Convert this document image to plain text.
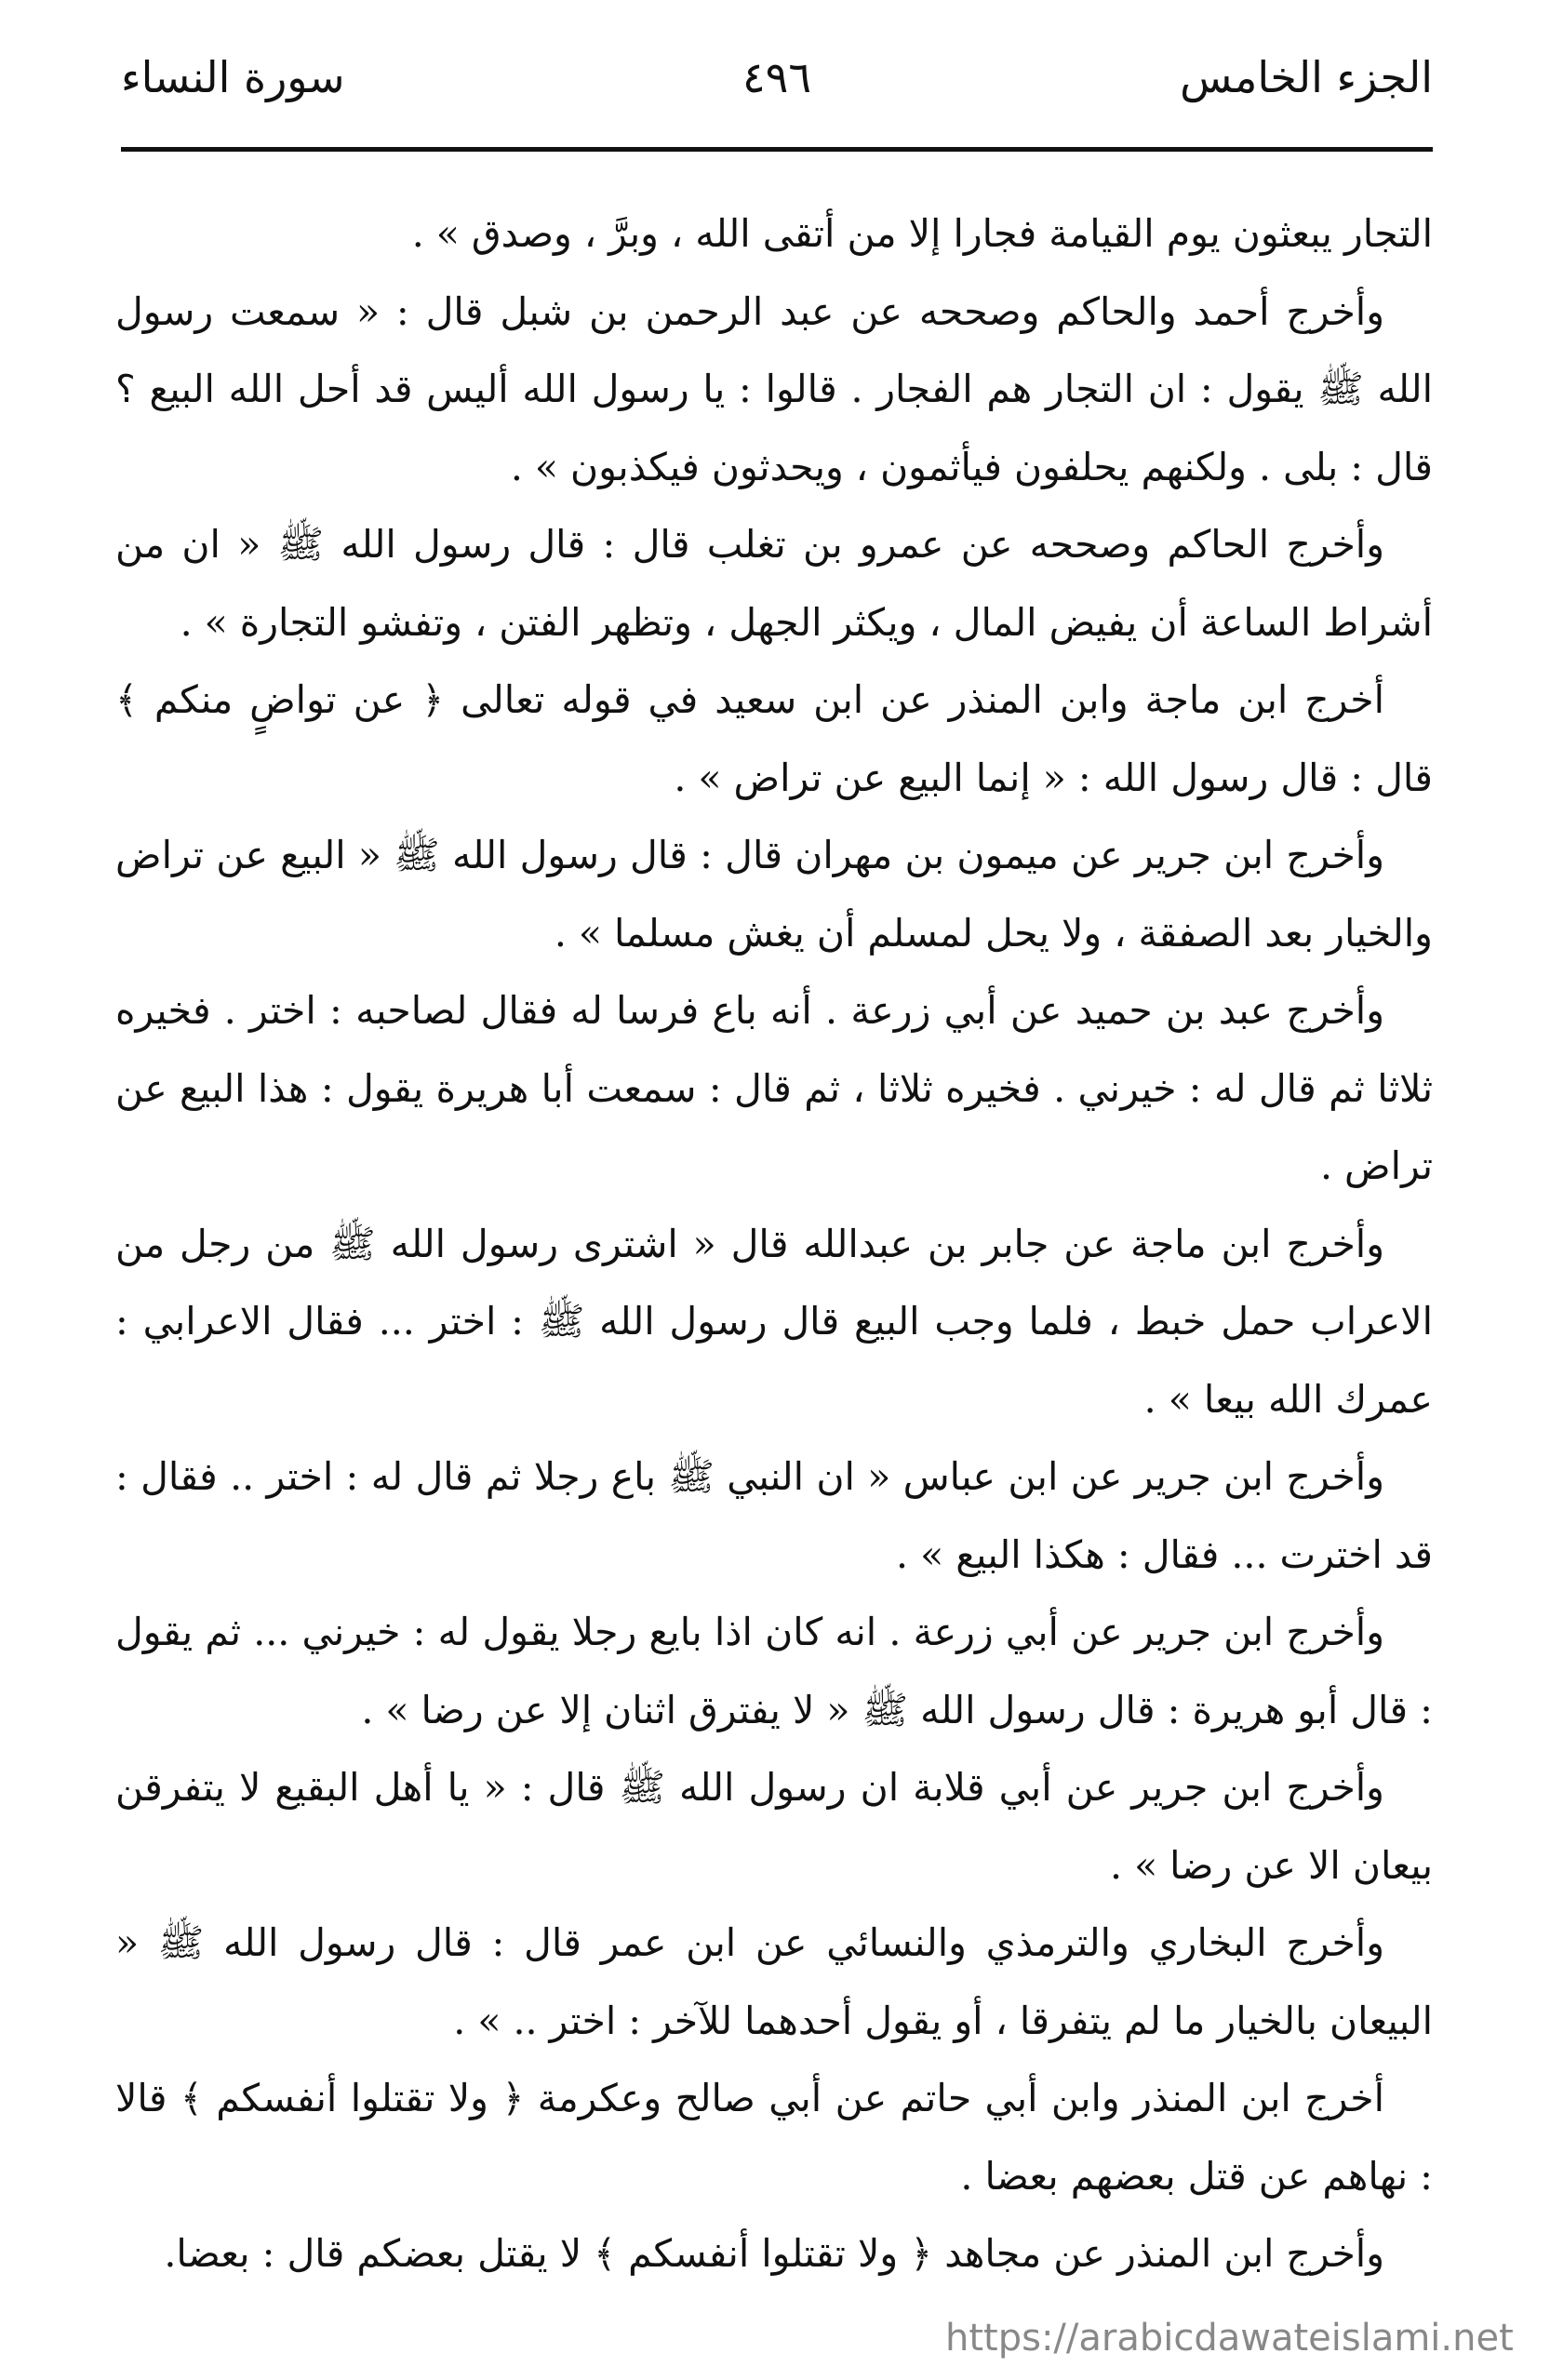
الجزء الخامس
٤٩٦
سورة النساء

التجار يبعثون يوم القيامة فجارا إلا من أتقى الله ، وبرَّ ، وصدق » .

وأخرج أحمد والحاكم وصححه عن عبد الرحمن بن شبل قال : « سمعت رسول الله ﷺ يقول : ان التجار هم الفجار . قالوا : يا رسول الله أليس قد أحل الله البيع ؟ قال : بلى . ولكنهم يحلفون فيأثمون ، ويحدثون فيكذبون » .

وأخرج الحاكم وصححه عن عمرو بن تغلب قال : قال رسول الله ﷺ « ان من أشراط الساعة أن يفيض المال ، ويكثر الجهل ، وتظهر الفتن ، وتفشو التجارة » .

أخرج ابن ماجة وابن المنذر عن ابن سعيد في قوله تعالى ﴿ عن تواضٍ منكم ﴾ قال : قال رسول الله : « إنما البيع عن تراض » .

وأخرج ابن جرير عن ميمون بن مهران قال : قال رسول الله ﷺ « البيع عن تراض والخيار بعد الصفقة ، ولا يحل لمسلم أن يغش مسلما » .

وأخرج عبد بن حميد عن أبي زرعة . أنه باع فرسا له فقال لصاحبه : اختر . فخيره ثلاثا ثم قال له : خيرني . فخيره ثلاثا ، ثم قال : سمعت أبا هريرة يقول : هذا البيع عن تراض .

وأخرج ابن ماجة عن جابر بن عبدالله قال « اشترى رسول الله ﷺ من رجل من الاعراب حمل خبط ، فلما وجب البيع قال رسول الله ﷺ : اختر ... فقال الاعرابي : عمرك الله بيعا » .

وأخرج ابن جرير عن ابن عباس « ان النبي ﷺ باع رجلا ثم قال له : اختر .. فقال : قد اخترت ... فقال : هكذا البيع » .

وأخرج ابن جرير عن أبي زرعة . انه كان اذا بايع رجلا يقول له : خيرني ... ثم يقول : قال أبو هريرة : قال رسول الله ﷺ « لا يفترق اثنان إلا عن رضا » .

وأخرج ابن جرير عن أبي قلابة ان رسول الله ﷺ قال : « يا أهل البقيع لا يتفرقن بيعان الا عن رضا » .

وأخرج البخاري والترمذي والنسائي عن ابن عمر قال : قال رسول الله ﷺ « البيعان بالخيار ما لم يتفرقا ، أو يقول أحدهما للآخر : اختر .. » .

أخرج ابن المنذر وابن أبي حاتم عن أبي صالح وعكرمة ﴿ ولا تقتلوا أنفسكم ﴾ قالا : نهاهم عن قتل بعضهم بعضا .

وأخرج ابن المنذر عن مجاهد ﴿ ولا تقتلوا أنفسكم ﴾ لا يقتل بعضكم قال : بعضا.

https://arabicdawateislami.net
